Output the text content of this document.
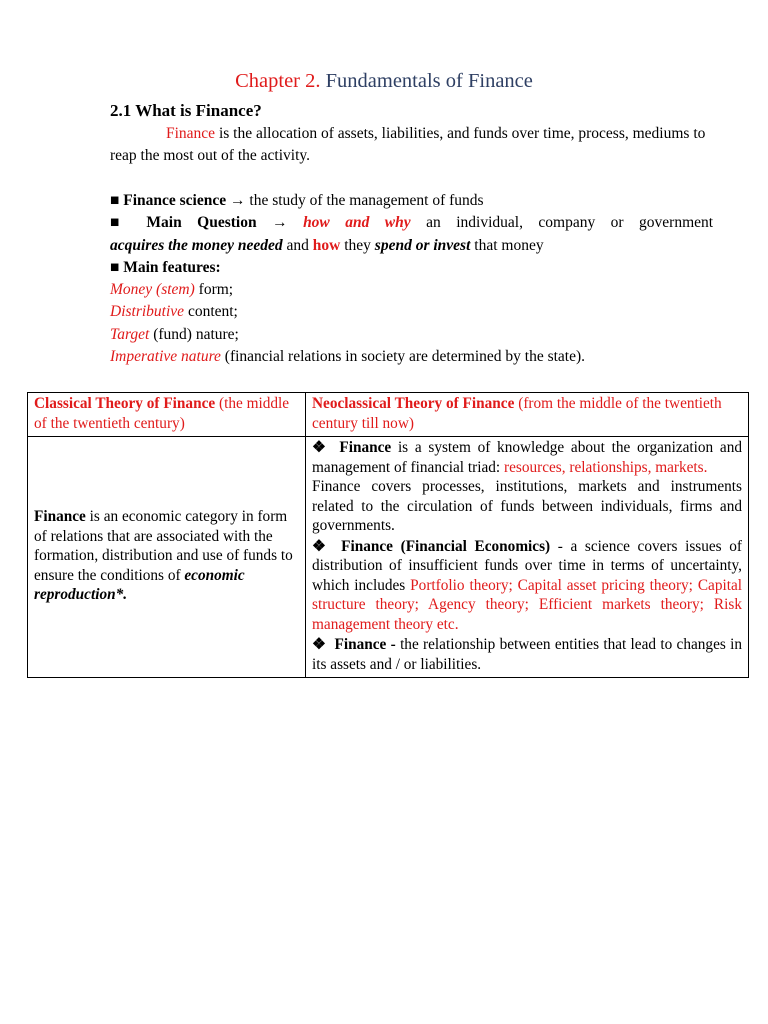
Chapter 2. Fundamentals of Finance
2.1 What is Finance?

Finance is the allocation of assets, liabilities, and funds over time, process, mediums to reap the most out of the activity.

■ Finance science → the study of the management of funds
■ Main Question → how and why an individual, company or government
acquires the money needed and how they spend or invest that money
■ Main features:
Money (stem) form;
Distributive content;
Target (fund) nature;
Imperative nature (financial relations in society are determined by the state).
Classical Theory of Finance (the middle of the twentieth century)	Neoclassical Theory of Finance (from the middle of the twentieth century till now)

Finance is an economic category in form of relations that are associated with the formation, distribution and use of funds to ensure the conditions of economic reproduction*.	❖ Finance is a system of knowledge about the organization and management of financial triad: resources, relationships, markets.

Finance covers processes, institutions, markets and instruments related to the circulation of funds between individuals, firms and governments.

❖ Finance (Financial Economics) - a science covers issues of distribution of insufficient funds over time in terms of uncertainty, which includes Portfolio theory; Capital asset pricing theory; Capital structure theory; Agency theory; Efficient markets theory; Risk management theory etc.

❖ Finance - the relationship between entities that lead to changes in its assets and / or liabilities.
